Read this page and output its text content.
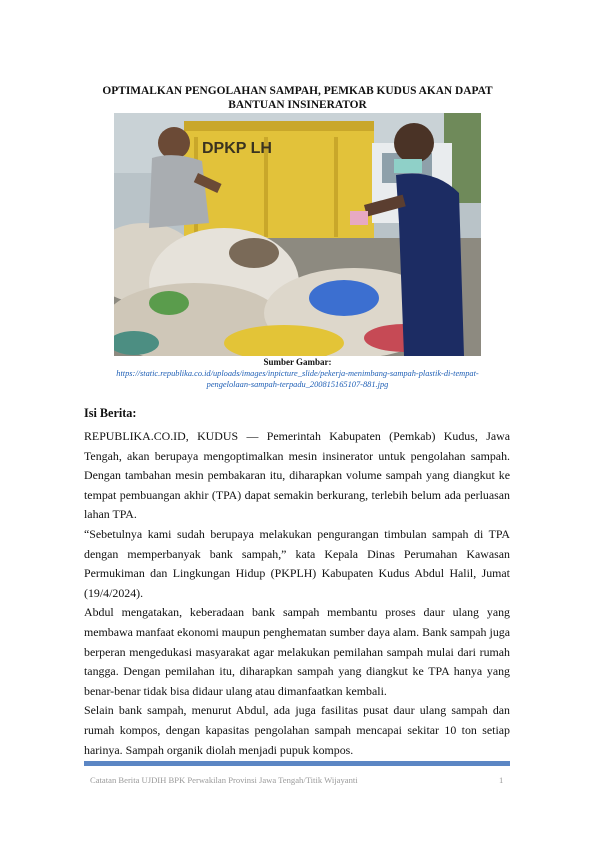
OPTIMALKAN PENGOLAHAN SAMPAH, PEMKAB KUDUS AKAN DAPAT BANTUAN INSINERATOR
DPKP LH
Sumber Gambar:
https://static.republika.co.id/uploads/images/inpicture_slide/pekerja-menimbang-sampah-plastik-di-tempat-pengelolaan-sampah-terpadu_200815165107-881.jpg
Isi Berita:

REPUBLIKA.CO.ID, KUDUS — Pemerintah Kabupaten (Pemkab) Kudus, Jawa Tengah, akan berupaya mengoptimalkan mesin insinerator untuk pengolahan sampah. Dengan tambahan mesin pembakaran itu, diharapkan volume sampah yang diangkut ke tempat pembuangan akhir (TPA) dapat semakin berkurang, terlebih belum ada perluasan lahan TPA.

“Sebetulnya kami sudah berupaya melakukan pengurangan timbulan sampah di TPA dengan memperbanyak bank sampah,” kata Kepala Dinas Perumahan Kawasan Permukiman dan Lingkungan Hidup (PKPLH) Kabupaten Kudus Abdul Halil, Jumat (19/4/2024).

Abdul mengatakan, keberadaan bank sampah membantu proses daur ulang yang membawa manfaat ekonomi maupun penghematan sumber daya alam. Bank sampah juga berperan mengedukasi masyarakat agar melakukan pemilahan sampah mulai dari rumah tangga. Dengan pemilahan itu, diharapkan sampah yang diangkut ke TPA hanya yang benar-benar tidak bisa didaur ulang atau dimanfaatkan kembali.

Selain bank sampah, menurut Abdul, ada juga fasilitas pusat daur ulang sampah dan rumah kompos, dengan kapasitas pengolahan sampah mencapai sekitar 10 ton setiap harinya. Sampah organik diolah menjadi pupuk kompos.

Catatan Berita UJDIH BPK Perwakilan Provinsi Jawa Tengah/Titik Wijayanti	1
